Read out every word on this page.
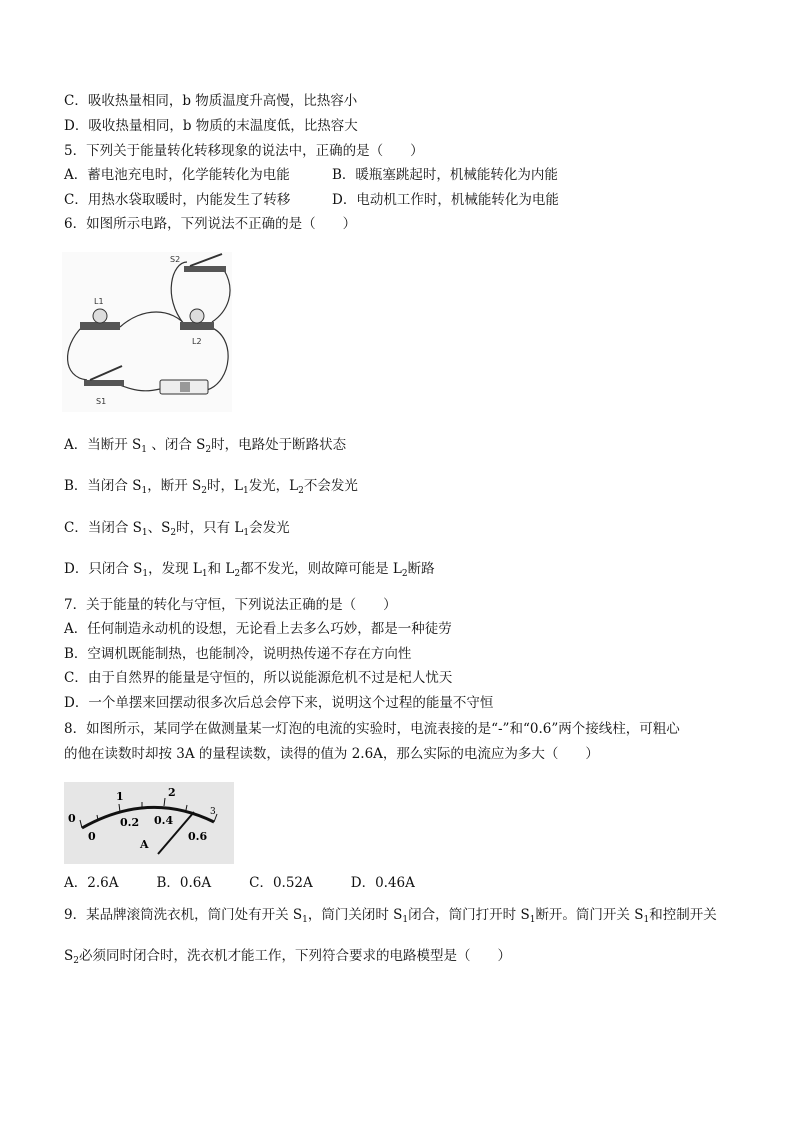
C．吸收热量相同，b 物质温度升高慢，比热容小
D．吸收热量相同，b 物质的末温度低，比热容大
5．下列关于能量转化转移现象的说法中，正确的是（　　）
A．蓄电池充电时，化学能转化为电能	B．暖瓶塞跳起时，机械能转化为内能
C．用热水袋取暖时，内能发生了转移	D．电动机工作时，机械能转化为电能
6．如图所示电路，下列说法不正确的是（　　）
L1
L2
S2
S1
A．当断开 $S_1$ 、闭合 $S_2$时，电路处于断路状态
B．当闭合 $S_1$，断开 $S_2$时，$L_1$发光，$L_2$不会发光
C．当闭合 $S_1$、$S_2$时，只有 $L_1$会发光
D．只闭合 $S_1$，发现 $L_1$和 $L_2$都不发光，则故障可能是 $L_2$断路
7．关于能量的转化与守恒，下列说法正确的是（　　）
A．任何制造永动机的设想，无论看上去多么巧妙，都是一种徒劳
B．空调机既能制热，也能制冷，说明热传递不存在方向性
C．由于自然界的能量是守恒的，所以说能源危机不过是杞人忧天
D．一个单摆来回摆动很多次后总会停下来，说明这个过程的能量不守恒
8．如图所示，某同学在做测量某一灯泡的电流的实验时，电流表接的是“-”和“0.6”两个接线柱，可粗心
的他在读数时却按 3A 的量程读数，读得的值为 2.6A，那么实际的电流应为多大（　　）
0
1	2
3
0
0.2 0.4
0.6
A
A．2.6A	B．0.6A	C．0.52A	D．0.46A
9．某品牌滚筒洗衣机，筒门处有开关 $S_1$，筒门关闭时 $S_1$闭合，筒门打开时 $S_1$断开。筒门开关 $S_1$和控制开关
$S_2$必须同时闭合时，洗衣机才能工作，下列符合要求的电路模型是（　　）
